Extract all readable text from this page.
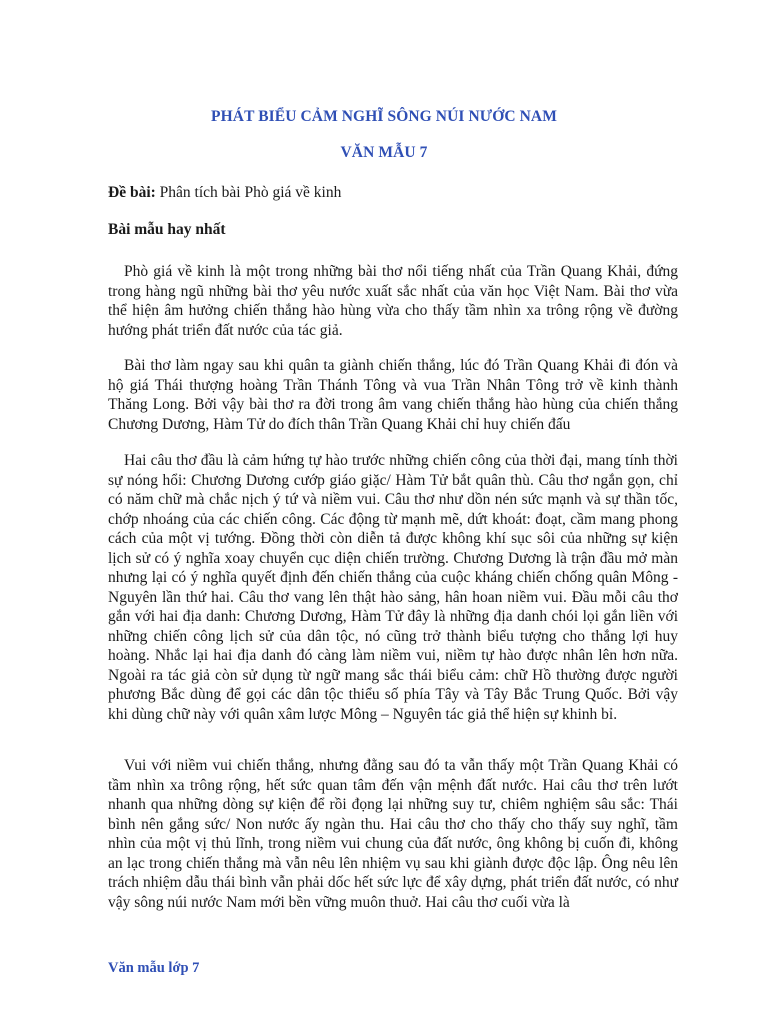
PHÁT BIỂU CẢM NGHĨ SÔNG NÚI NƯỚC NAM
VĂN MẪU 7
Đề bài: Phân tích bài Phò giá về kinh
Bài mẫu hay nhất
Phò giá về kinh là một trong những bài thơ nổi tiếng nhất của Trần Quang Khải, đứng trong hàng ngũ những bài thơ yêu nước xuất sắc nhất của văn học Việt Nam. Bài thơ vừa thể hiện âm hưởng chiến thắng hào hùng vừa cho thấy tầm nhìn xa trông rộng về đường hướng phát triển đất nước của tác giả.
Bài thơ làm ngay sau khi quân ta giành chiến thắng, lúc đó Trần Quang Khải đi đón và hộ giá Thái thượng hoàng Trần Thánh Tông và vua Trần Nhân Tông trở về kinh thành Thăng Long. Bởi vậy bài thơ ra đời trong âm vang chiến thắng hào hùng của chiến thắng Chương Dương, Hàm Tử do đích thân Trần Quang Khải chỉ huy chiến đấu
Hai câu thơ đầu là cảm hứng tự hào trước những chiến công của thời đại, mang tính thời sự nóng hổi: Chương Dương cướp giáo giặc/ Hàm Tử bắt quân thù. Câu thơ ngắn gọn, chỉ có năm chữ mà chắc nịch ý tứ và niềm vui. Câu thơ như dồn nén sức mạnh và sự thần tốc, chớp nhoáng của các chiến công. Các động từ mạnh mẽ, dứt khoát: đoạt, cầm mang phong cách của một vị tướng. Đồng thời còn diễn tả được không khí sục sôi của những sự kiện lịch sử có ý nghĩa xoay chuyển cục diện chiến trường. Chương Dương là trận đầu mở màn nhưng lại có ý nghĩa quyết định đến chiến thắng của cuộc kháng chiến chống quân Mông - Nguyên lần thứ hai. Câu thơ vang lên thật hào sảng, hân hoan niềm vui. Đầu mỗi câu thơ gắn với hai địa danh: Chương Dương, Hàm Tử đây là những địa danh chói lọi gắn liền với những chiến công lịch sử của dân tộc, nó cũng trở thành biểu tượng cho thắng lợi huy hoàng. Nhắc lại hai địa danh đó càng làm niềm vui, niềm tự hào được nhân lên hơn nữa. Ngoài ra tác giả còn sử dụng từ ngữ mang sắc thái biểu cảm: chữ Hồ thường được người phương Bắc dùng để gọi các dân tộc thiểu số phía Tây và Tây Bắc Trung Quốc. Bởi vậy khi dùng chữ này với quân xâm lược Mông – Nguyên tác giả thể hiện sự khinh bỉ.
Vui với niềm vui chiến thắng, nhưng đằng sau đó ta vẫn thấy một Trần Quang Khải có tầm nhìn xa trông rộng, hết sức quan tâm đến vận mệnh đất nước. Hai câu thơ trên lướt nhanh qua những dòng sự kiện để rồi đọng lại những suy tư, chiêm nghiệm sâu sắc: Thái bình nên gắng sức/ Non nước ấy ngàn thu. Hai câu thơ cho thấy cho thấy suy nghĩ, tầm nhìn của một vị thủ lĩnh, trong niềm vui chung của đất nước, ông không bị cuốn đi, không an lạc trong chiến thắng mà vẫn nêu lên nhiệm vụ sau khi giành được độc lập. Ông nêu lên trách nhiệm dẫu thái bình vẫn phải dốc hết sức lực để xây dựng, phát triển đất nước, có như vậy sông núi nước Nam mới bền vững muôn thuở. Hai câu thơ cuối vừa là
Văn mẫu lớp 7
